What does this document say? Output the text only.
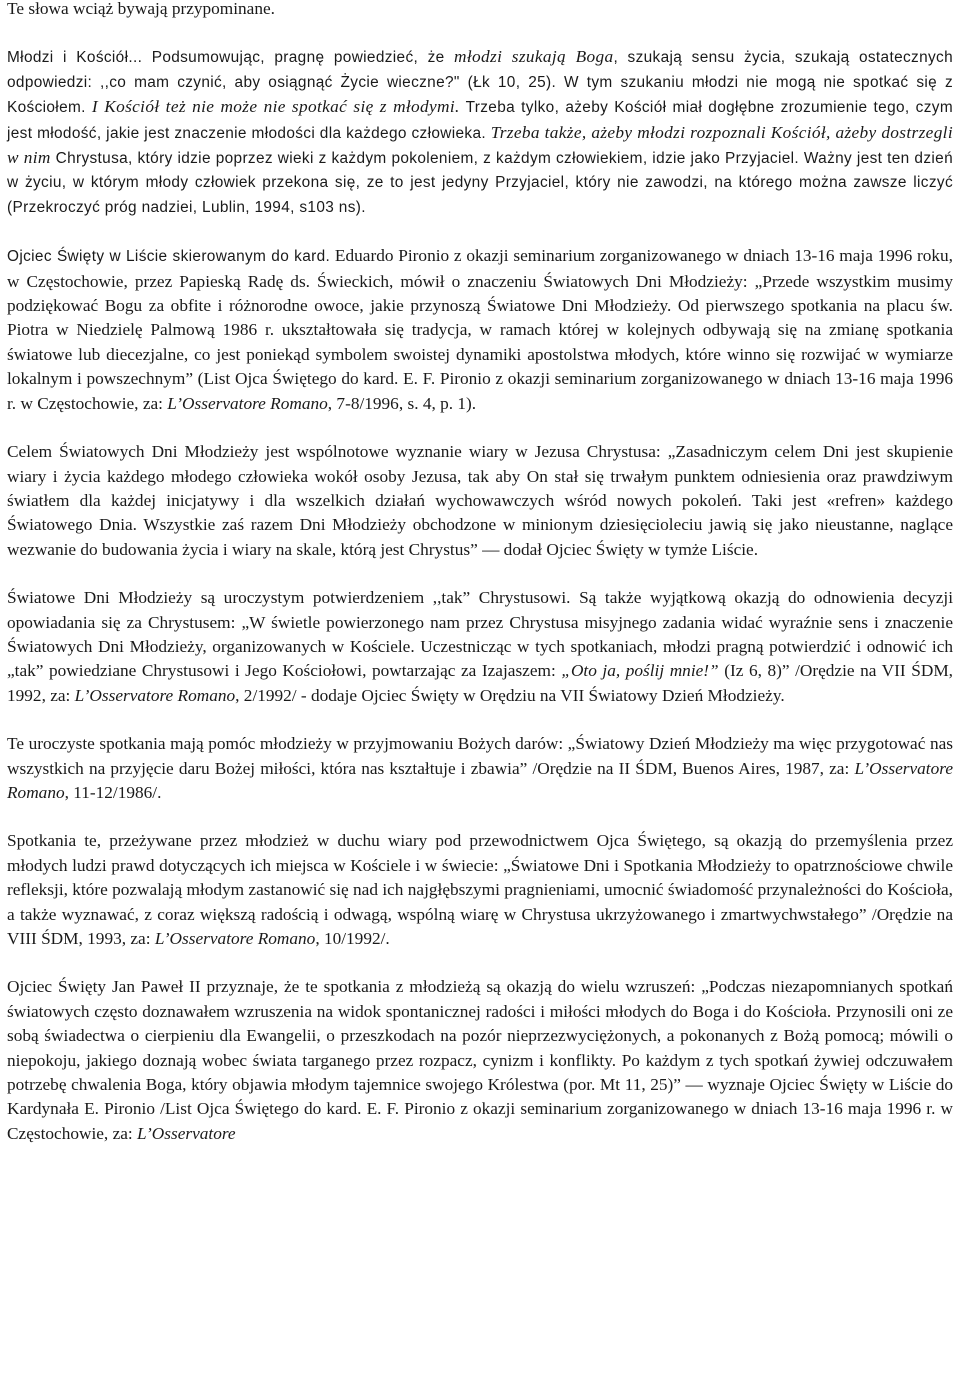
Te słowa wciąż bywają przypominane.

Młodzi i Kościół... Podsumowując, pragnę powiedzieć, że młodzi szukają Boga, szukają sensu życia, szukają ostatecznych odpowiedzi: ,,co mam czynić, aby osiągnąć Życie wieczne?" (Łk 10, 25). W tym szukaniu młodzi nie mogą nie spotkać się z Kościołem. I Kościół też nie może nie spotkać się z młodymi. Trzeba tylko, ażeby Kościół miał dogłębne zrozumienie tego, czym jest młodość, jakie jest znaczenie młodości dla każdego człowieka. Trzeba także, ażeby młodzi rozpoznali Kościół, ażeby dostrzegli w nim Chrystusa, który idzie poprzez wieki z każdym pokoleniem, z każdym człowiekiem, idzie jako Przyjaciel. Ważny jest ten dzień w życiu, w którym młody człowiek przekona się, ze to jest jedyny Przyjaciel, który nie zawodzi, na którego można zawsze liczyć (Przekroczyć próg nadziei, Lublin, 1994, s103 ns).

Ojciec Święty w Liście skierowanym do kard. Eduardo Pironio z okazji seminarium zorganizowanego w dniach 13-16 maja 1996 roku, w Częstochowie, przez Papieską Radę ds. Świeckich, mówił o znaczeniu Światowych Dni Młodzieży: „Przede wszystkim musimy podziękować Bogu za obfite i różnorodne owoce, jakie przynoszą Światowe Dni Młodzieży. Od pierwszego spotkania na placu św. Piotra w Niedzielę Palmową 1986 r. ukształtowała się tradycja, w ramach której w kolejnych odbywają się na zmianę spotkania światowe lub diecezjalne, co jest poniekąd symbolem swoistej dynamiki apostolstwa młodych, które winno się rozwijać w wymiarze lokalnym i powszechnym” (List Ojca Świętego do kard. E. F. Pironio z okazji seminarium zorganizowanego w dniach 13-16 maja 1996 r. w Częstochowie, za: L’Osservatore Romano, 7-8/1996, s. 4, p. 1).

Celem Światowych Dni Młodzieży jest wspólnotowe wyznanie wiary w Jezusa Chrystusa: „Zasadniczym celem Dni jest skupienie wiary i życia każdego młodego człowieka wokół osoby Jezusa, tak aby On stał się trwałym punktem odniesienia oraz prawdziwym światłem dla każdej inicjatywy i dla wszelkich działań wychowawczych wśród nowych pokoleń. Taki jest «refren» każdego Światowego Dnia. Wszystkie zaś razem Dni Młodzieży obchodzone w minionym dziesięcioleciu jawią się jako nieustanne, naglące wezwanie do budowania życia i wiary na skale, którą jest Chrystus” ― dodał Ojciec Święty w tymże Liście.

Światowe Dni Młodzieży są uroczystym potwierdzeniem ,,tak” Chrystusowi. Są także wyjątkową okazją do odnowienia decyzji opowiadania się za Chrystusem: „W świetle powierzonego nam przez Chrystusa misyjnego zadania widać wyraźnie sens i znaczenie Światowych Dni Młodzieży, organizowanych w Kościele. Uczestnicząc w tych spotkaniach, młodzi pragną potwierdzić i odnowić ich „tak” powiedziane Chrystusowi i Jego Kościołowi, powtarzając za Izajaszem: „Oto ja, poślij mnie!” (Iz 6, 8)” /Orędzie na VII ŚDM, 1992, za: L’Osservatore Romano, 2/1992/ - dodaje Ojciec Święty w Orędziu na VII Światowy Dzień Młodzieży.

Te uroczyste spotkania mają pomóc młodzieży w przyjmowaniu Bożych darów: „Światowy Dzień Młodzieży ma więc przygotować nas wszystkich na przyjęcie daru Bożej miłości, która nas kształtuje i zbawia” /Orędzie na II ŚDM, Buenos Aires, 1987, za: L’Osservatore Romano, 11-12/1986/.

Spotkania te, przeżywane przez młodzież w duchu wiary pod przewodnictwem Ojca Świętego, są okazją do przemyślenia przez młodych ludzi prawd dotyczących ich miejsca w Kościele i w świecie: „Światowe Dni i Spotkania Młodzieży to opatrznościowe chwile refleksji, które pozwalają młodym zastanowić się nad ich najgłębszymi pragnieniami, umocnić świadomość przynależności do Kościoła, a także wyznawać, z coraz większą radością i odwagą, wspólną wiarę w Chrystusa ukrzyżowanego i zmartwychwstałego” /Orędzie na VIII ŚDM, 1993, za: L’Osservatore Romano, 10/1992/.

Ojciec Święty Jan Paweł II przyznaje, że te spotkania z młodzieżą są okazją do wielu wzruszeń: „Podczas niezapomnianych spotkań światowych często doznawałem wzruszenia na widok spontanicznej radości i miłości młodych do Boga i do Kościoła. Przynosili oni ze sobą świadectwa o cierpieniu dla Ewangelii, o przeszkodach na pozór nieprzezwyciężonych, a pokonanych z Bożą pomocą; mówili o niepokoju, jakiego doznają wobec świata targanego przez rozpacz, cynizm i konflikty. Po każdym z tych spotkań żywiej odczuwałem potrzebę chwalenia Boga, który objawia młodym tajemnice swojego Królestwa (por. Mt 11, 25)” ― wyznaje Ojciec Święty w Liście do Kardynała E. Pironio /List Ojca Świętego do kard. E. F. Pironio z okazji seminarium zorganizowanego w dniach 13-16 maja 1996 r. w Częstochowie, za: L’Osservatore
